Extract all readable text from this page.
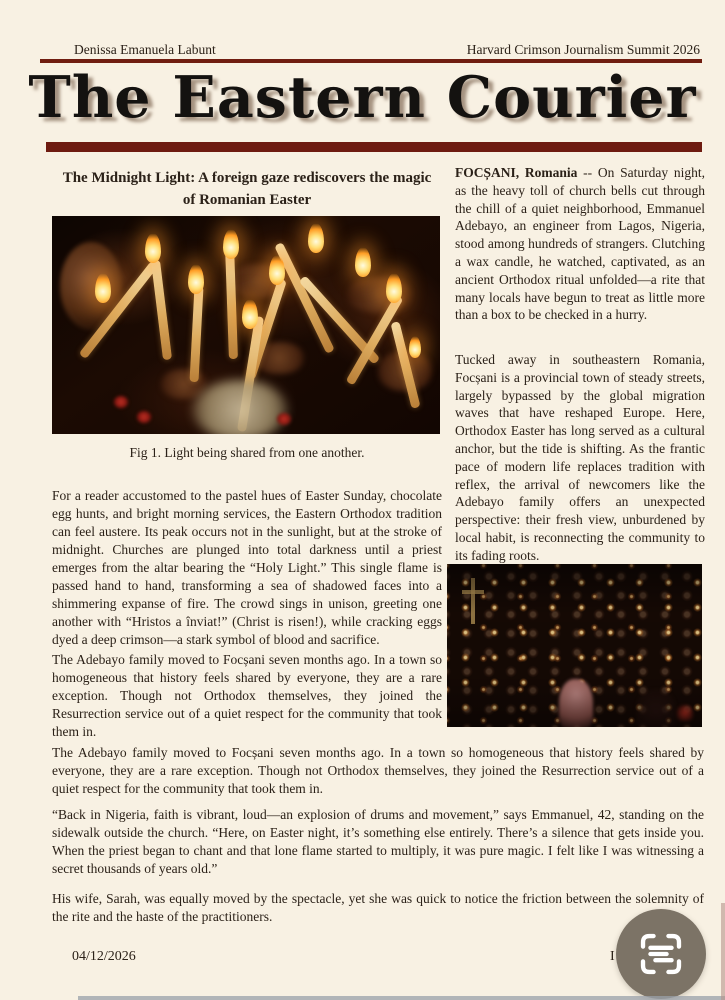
Denissa Emanuela Labunt	Harvard Crimson Journalism Summit 2026
The Eastern Courier
The Midnight Light: A foreign gaze rediscovers the magic of Romanian Easter
Fig 1. Light being shared from one another.

For a reader accustomed to the pastel hues of Easter Sunday, chocolate egg hunts, and bright morning services, the Eastern Orthodox tradition can feel austere. Its peak occurs not in the sunlight, but at the stroke of midnight. Churches are plunged into total darkness until a priest emerges from the altar bearing the “Holy Light.” This single flame is passed hand to hand, transforming a sea of shadowed faces into a shimmering expanse of fire. The crowd sings in unison, greeting one another with “Hristos a înviat!” (Christ is risen!), while cracking eggs dyed a deep crimson—a stark symbol of blood and sacrifice.

The Adebayo family moved to Focșani seven months ago. In a town so homogeneous that history feels shared by everyone, they are a rare exception. Though not Orthodox themselves, they joined the Resurrection service out of a quiet respect for the community that took them in.

FOCȘANI, Romania -- On Saturday night, as the heavy toll of church bells cut through the chill of a quiet neighborhood, Emmanuel Adebayo, an engineer from Lagos, Nigeria, stood among hundreds of strangers. Clutching a wax candle, he watched, captivated, as an ancient Orthodox ritual unfolded—a rite that many locals have begun to treat as little more than a box to be checked in a hurry.

Tucked away in southeastern Romania, Focșani is a provincial town of steady streets, largely bypassed by the global migration waves that have reshaped Europe. Here, Orthodox Easter has long served as a cultural anchor, but the tide is shifting. As the frantic pace of modern life replaces tradition with reflex, the arrival of newcomers like the Adebayo family offers an unexpected perspective: their fresh view, unburdened by local habit, is reconnecting the community to its fading roots.

The Adebayo family moved to Focșani seven months ago. In a town so homogeneous that history feels shared by everyone, they are a rare exception. Though not Orthodox themselves, they joined the Resurrection service out of a quiet respect for the community that took them in.

“Back in Nigeria, faith is vibrant, loud—an explosion of drums and movement,” says Emmanuel, 42, standing on the sidewalk outside the church. “Here, on Easter night, it’s something else entirely. There’s a silence that gets inside you. When the priest began to chant and that lone flame started to multiply, it was pure magic. I felt like I was witnessing a secret thousands of years old.”

His wife, Sarah, was equally moved by the spectacle, yet she was quick to notice the friction between the solemnity of the rite and the haste of the practitioners.

04/12/2026	I
